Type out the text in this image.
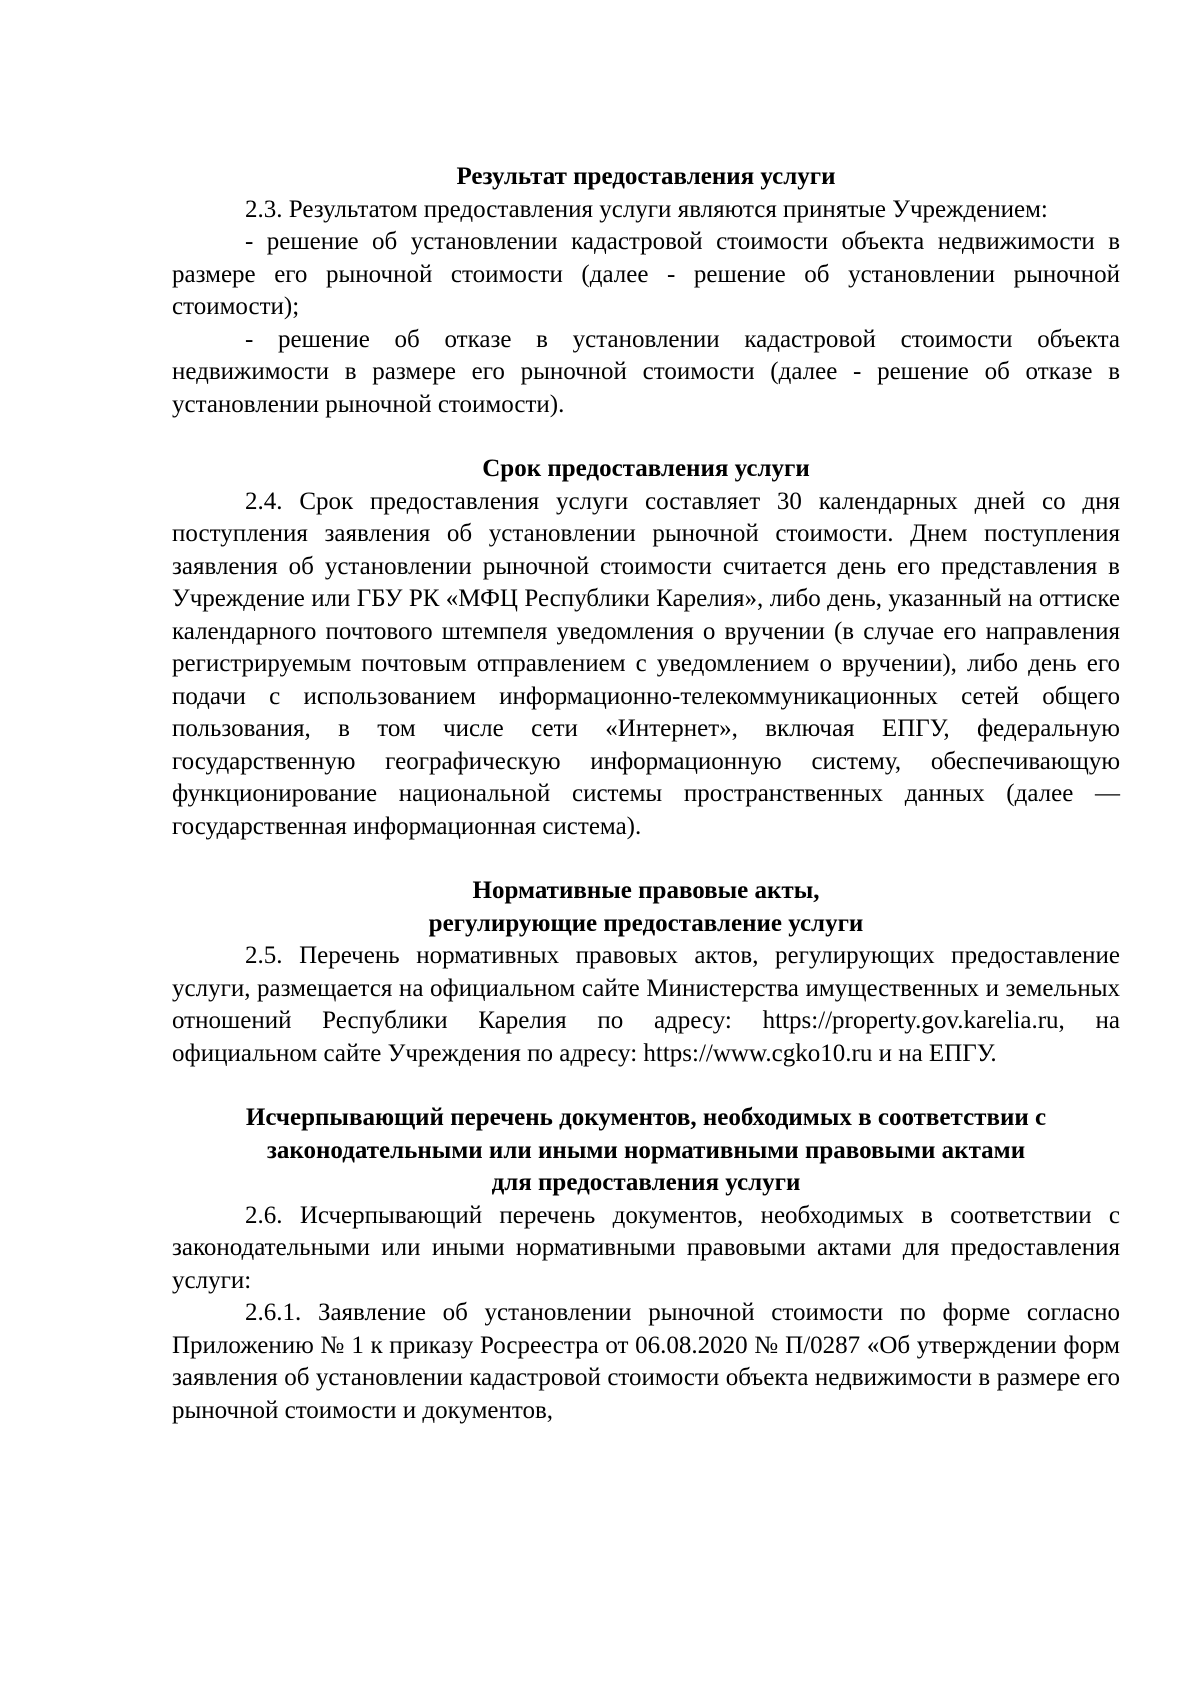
Результат предоставления услуги

2.3. Результатом предоставления услуги являются принятые Учреждением:

- решение об установлении кадастровой стоимости объекта недвижимости в размере его рыночной стоимости (далее - решение об установлении рыночной стоимости);

- решение об отказе в установлении кадастровой стоимости объекта недвижимости в размере его рыночной стоимости (далее - решение об отказе в установлении рыночной стоимости).

Срок предоставления услуги

2.4. Срок предоставления услуги составляет 30 календарных дней со дня поступления заявления об установлении рыночной стоимости. Днем поступления заявления об установлении рыночной стоимости считается день его представления в Учреждение или ГБУ РК «МФЦ Республики Карелия», либо день, указанный на оттиске календарного почтового штемпеля уведомления о вручении (в случае его направления регистрируемым почтовым отправлением с уведомлением о вручении), либо день его подачи с использованием информационно-телекоммуникационных сетей общего пользования, в том числе сети «Интернет», включая ЕПГУ, федеральную государственную географическую информационную систему, обеспечивающую функционирование национальной системы пространственных данных (далее — государственная информационная система).

Нормативные правовые акты,

регулирующие предоставление услуги

2.5. Перечень нормативных правовых актов, регулирующих предоставление услуги, размещается на официальном сайте Министерства имущественных и земельных отношений Республики Карелия по адресу: https://property.gov.karelia.ru, на официальном сайте Учреждения по адресу: https://www.cgko10.ru и на ЕПГУ.

Исчерпывающий перечень документов, необходимых в соответствии с

законодательными или иными нормативными правовыми актами

для предоставления услуги

2.6. Исчерпывающий перечень документов, необходимых в соответствии с законодательными или иными нормативными правовыми актами для предоставления услуги:

2.6.1. Заявление об установлении рыночной стоимости по форме согласно Приложению № 1 к приказу Росреестра от 06.08.2020 № П/0287 «Об утверждении форм заявления об установлении кадастровой стоимости объекта недвижимости в размере его рыночной стоимости и документов,
